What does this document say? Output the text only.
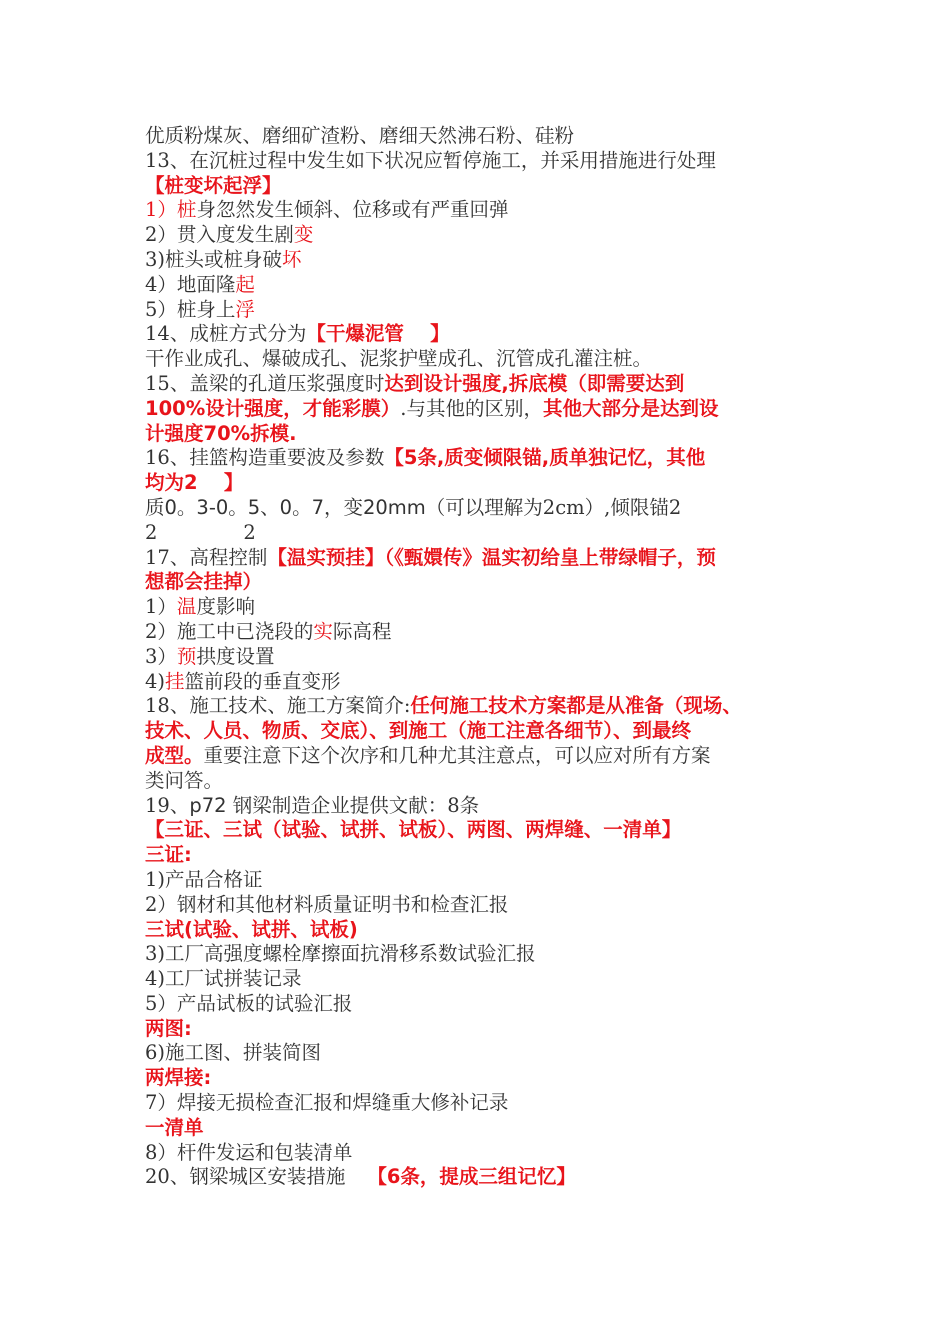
优质粉煤灰、磨细矿渣粉、磨细天然沸石粉、硅粉
13、在沉桩过程中发生如下状况应暂停施工，并采用措施进行处理
【桩变坏起浮】
1）桩身忽然发生倾斜、位移或有严重回弹
2）贯入度发生剧变
3)桩头或桩身破坏
4）地面隆起
5）桩身上浮
14、成桩方式分为【干爆泥管　 】
干作业成孔、爆破成孔、泥浆护壁成孔、沉管成孔灌注桩。
15、盖梁的孔道压浆强度时达到设计强度,拆底模（即需要达到
100%设计强度，才能彩膜）.与其他的区别，其他大部分是达到设
计强度70%拆模.
16、挂篮构造重要波及参数【5条,质变倾限锚,质单独记忆，其他
均为2　 】
质0。3-0。5、0。7，变20mm（可以理解为2cm）,倾限锚2
2	2
17、高程控制【温实预挂】（《甄嬛传》温实初给皇上带绿帽子，预
想都会挂掉）
1）温度影响
2）施工中已浇段的实际高程
3）预拱度设置
4)挂篮前段的垂直变形
18、施工技术、施工方案简介:任何施工技术方案都是从准备（现场、
技术、人员、物质、交底）、到施工（施工注意各细节）、到最终
成型。重要注意下这个次序和几种尤其注意点，可以应对所有方案
类问答。
19、p72 钢梁制造企业提供文献：8条
【三证、三试（试验、试拼、试板）、两图、两焊缝、一清单】
三证:
1)产品合格证
2）钢材和其他材料质量证明书和检查汇报
三试(试验、试拼、试板)
3)工厂高强度螺栓摩擦面抗滑移系数试验汇报
4)工厂试拼装记录
5）产品试板的试验汇报
两图:
6)施工图、拼装简图
两焊接:
7）焊接无损检查汇报和焊缝重大修补记录
一清单
8）杆件发运和包装清单
20、钢梁城区安装措施 【6条，提成三组记忆】
